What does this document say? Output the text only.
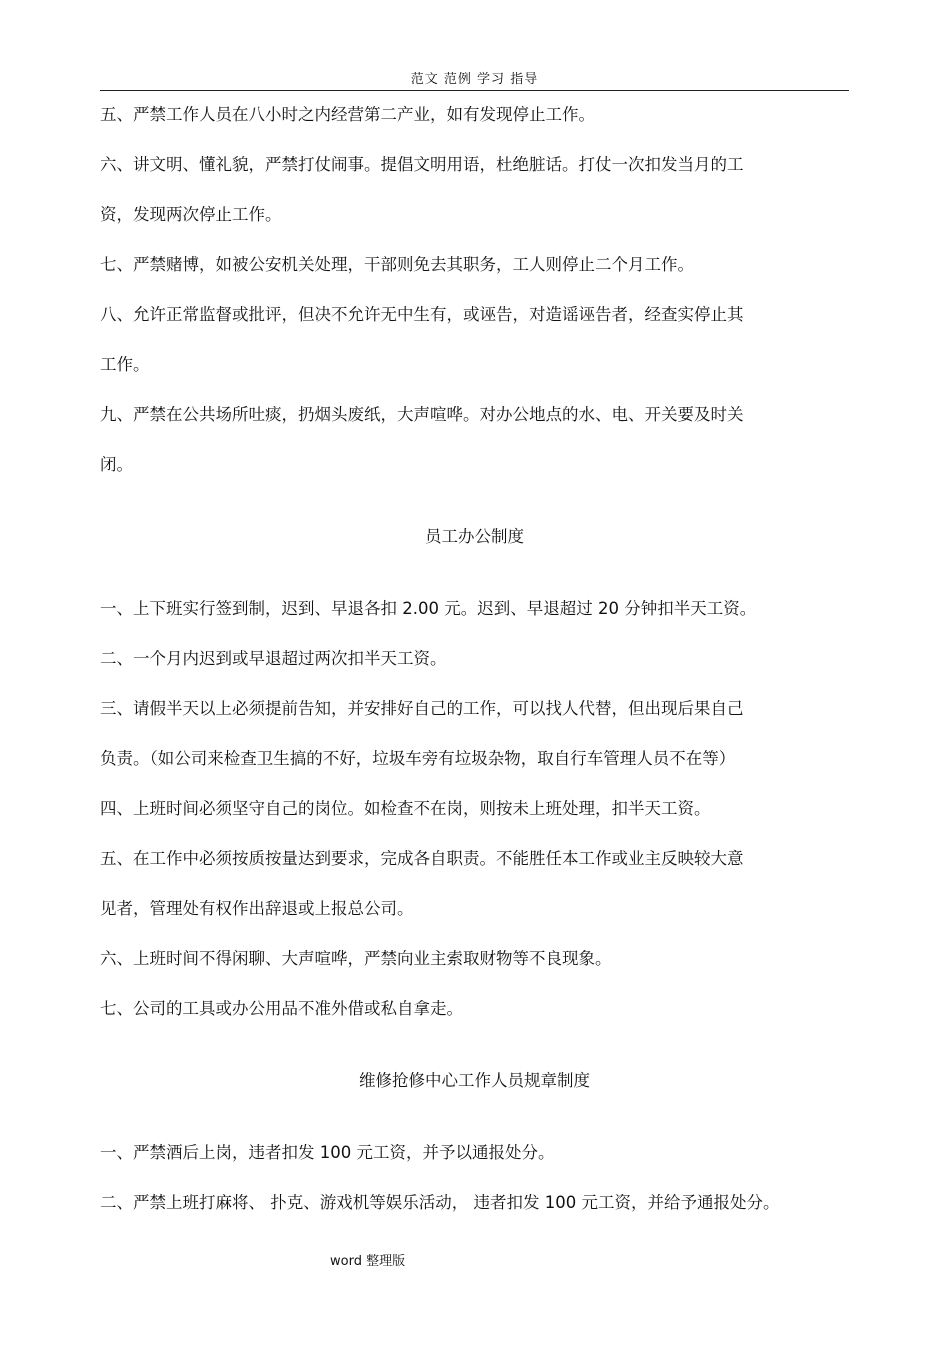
范文 范例 学习 指导
五、严禁工作人员在八小时之内经营第二产业，如有发现停止工作。
六、讲文明、懂礼貌，严禁打仗闹事。提倡文明用语，杜绝脏话。打仗一次扣发当月的工
资，发现两次停止工作。
七、严禁赌博，如被公安机关处理，干部则免去其职务，工人则停止二个月工作。
八、允许正常监督或批评，但决不允许无中生有，或诬告，对造谣诬告者，经查实停止其
工作。
九、严禁在公共场所吐痰，扔烟头废纸，大声喧哗。对办公地点的水、电、开关要及时关
闭。
员工办公制度
一、上下班实行签到制，迟到、早退各扣 2.00 元。迟到、早退超过 20 分钟扣半天工资。
二、一个月内迟到或早退超过两次扣半天工资。
三、请假半天以上必须提前告知，并安排好自己的工作，可以找人代替，但出现后果自己
负责。（如公司来检查卫生搞的不好，垃圾车旁有垃圾杂物，取自行车管理人员不在等）
四、上班时间必须坚守自己的岗位。如检查不在岗，则按未上班处理，扣半天工资。
五、在工作中必须按质按量达到要求，完成各自职责。不能胜任本工作或业主反映较大意
见者，管理处有权作出辞退或上报总公司。
六、上班时间不得闲聊、大声喧哗，严禁向业主索取财物等不良现象。
七、公司的工具或办公用品不准外借或私自拿走。
维修抢修中心工作人员规章制度
一、严禁酒后上岗，违者扣发 100 元工资，并予以通报处分。
二、严禁上班打麻将、 扑克、游戏机等娱乐活动， 违者扣发 100 元工资，并给予通报处分。
word 整理版
